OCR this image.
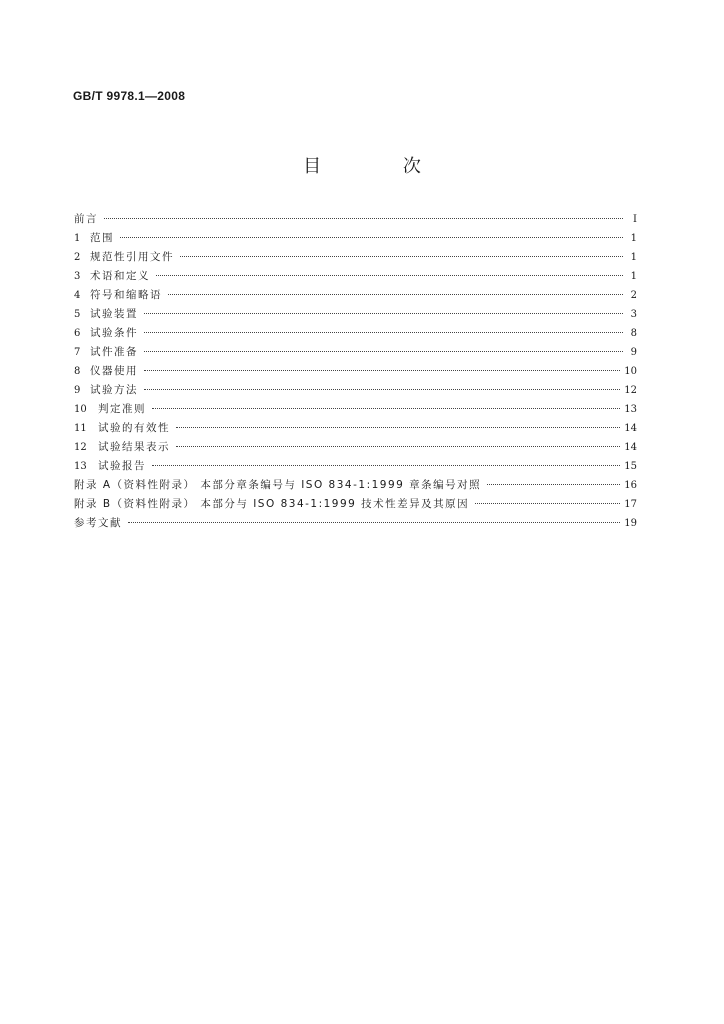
GB/T 9978.1—2008
目 次
前言	Ⅰ
1 范围	1
2 规范性引用文件	1
3 术语和定义	1
4 符号和缩略语	2
5 试验装置	3
6 试验条件	8
7 试件准备	9
8 仪器使用	10
9 试验方法	12
10	判定准则	13
11	试验的有效性	14
12	试验结果表示	14
13	试验报告	15
附录 A（资料性附录） 本部分章条编号与 ISO 834-1:1999 章条编号对照	16
附录 B（资料性附录） 本部分与 ISO 834-1:1999 技术性差异及其原因	17
参考文献	19
